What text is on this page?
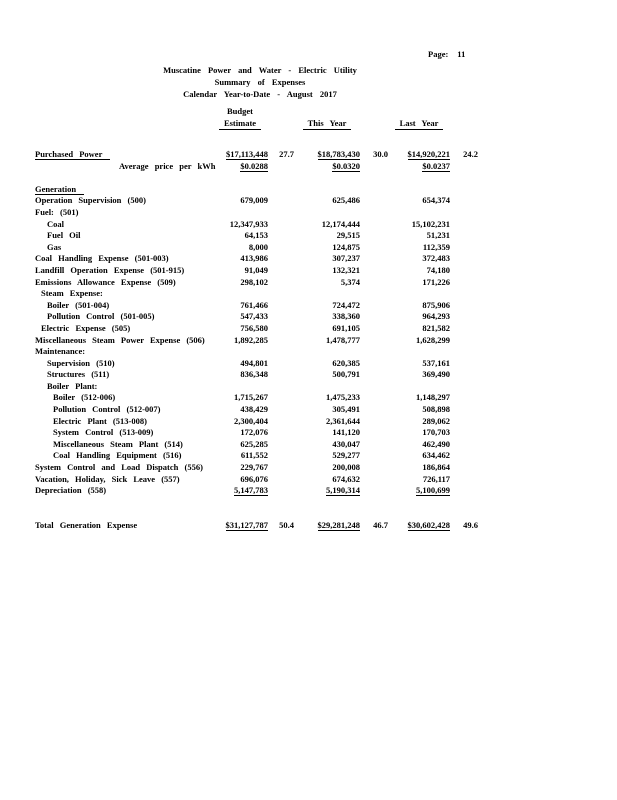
Page: 11
Muscatine Power and Water - Electric Utility
Summary of Expenses
Calendar Year-to-Date - August 2017
Budget
Estimate	This Year	Last Year
Purchased Power	$17,113,448	27.7	$18,783,430	30.0	$14,920,221	24.2
Average price per kWh	$0.0288	$0.0320	$0.0237
Generation
Operation Supervision (500)	679,009	625,486	654,374
Fuel: (501)
Coal	12,347,933	12,174,444	15,102,231
Fuel Oil	64,153	29,515	51,231
Gas	8,000	124,875	112,359
Coal Handling Expense (501-003)	413,986	307,237	372,483
Landfill Operation Expense (501-915)	91,049	132,321	74,180
Emissions Allowance Expense (509)	298,102	5,374	171,226
Steam Expense:
Boiler (501-004)	761,466	724,472	875,906
Pollution Control (501-005)	547,433	338,360	964,293
Electric Expense (505)	756,580	691,105	821,582
Miscellaneous Steam Power Expense (506)	1,892,285	1,478,777	1,628,299
Maintenance:
Supervision (510)	494,801	620,385	537,161
Structures (511)	836,348	500,791	369,490
Boiler Plant:
Boiler (512-006)	1,715,267	1,475,233	1,148,297
Pollution Control (512-007)	438,429	305,491	508,898
Electric Plant (513-008)	2,300,404	2,361,644	289,062
System Control (513-009)	172,076	141,120	170,703
Miscellaneous Steam Plant (514)	625,285	430,047	462,490
Coal Handling Equipment (516)	611,552	529,277	634,462
System Control and Load Dispatch (556)	229,767	200,008	186,864
Vacation, Holiday, Sick Leave (557)	696,076	674,632	726,117
Depreciation (558)	5,147,783	5,190,314	5,100,699
Total Generation Expense	$31,127,787	50.4	$29,281,248	46.7	$30,602,428	49.6
